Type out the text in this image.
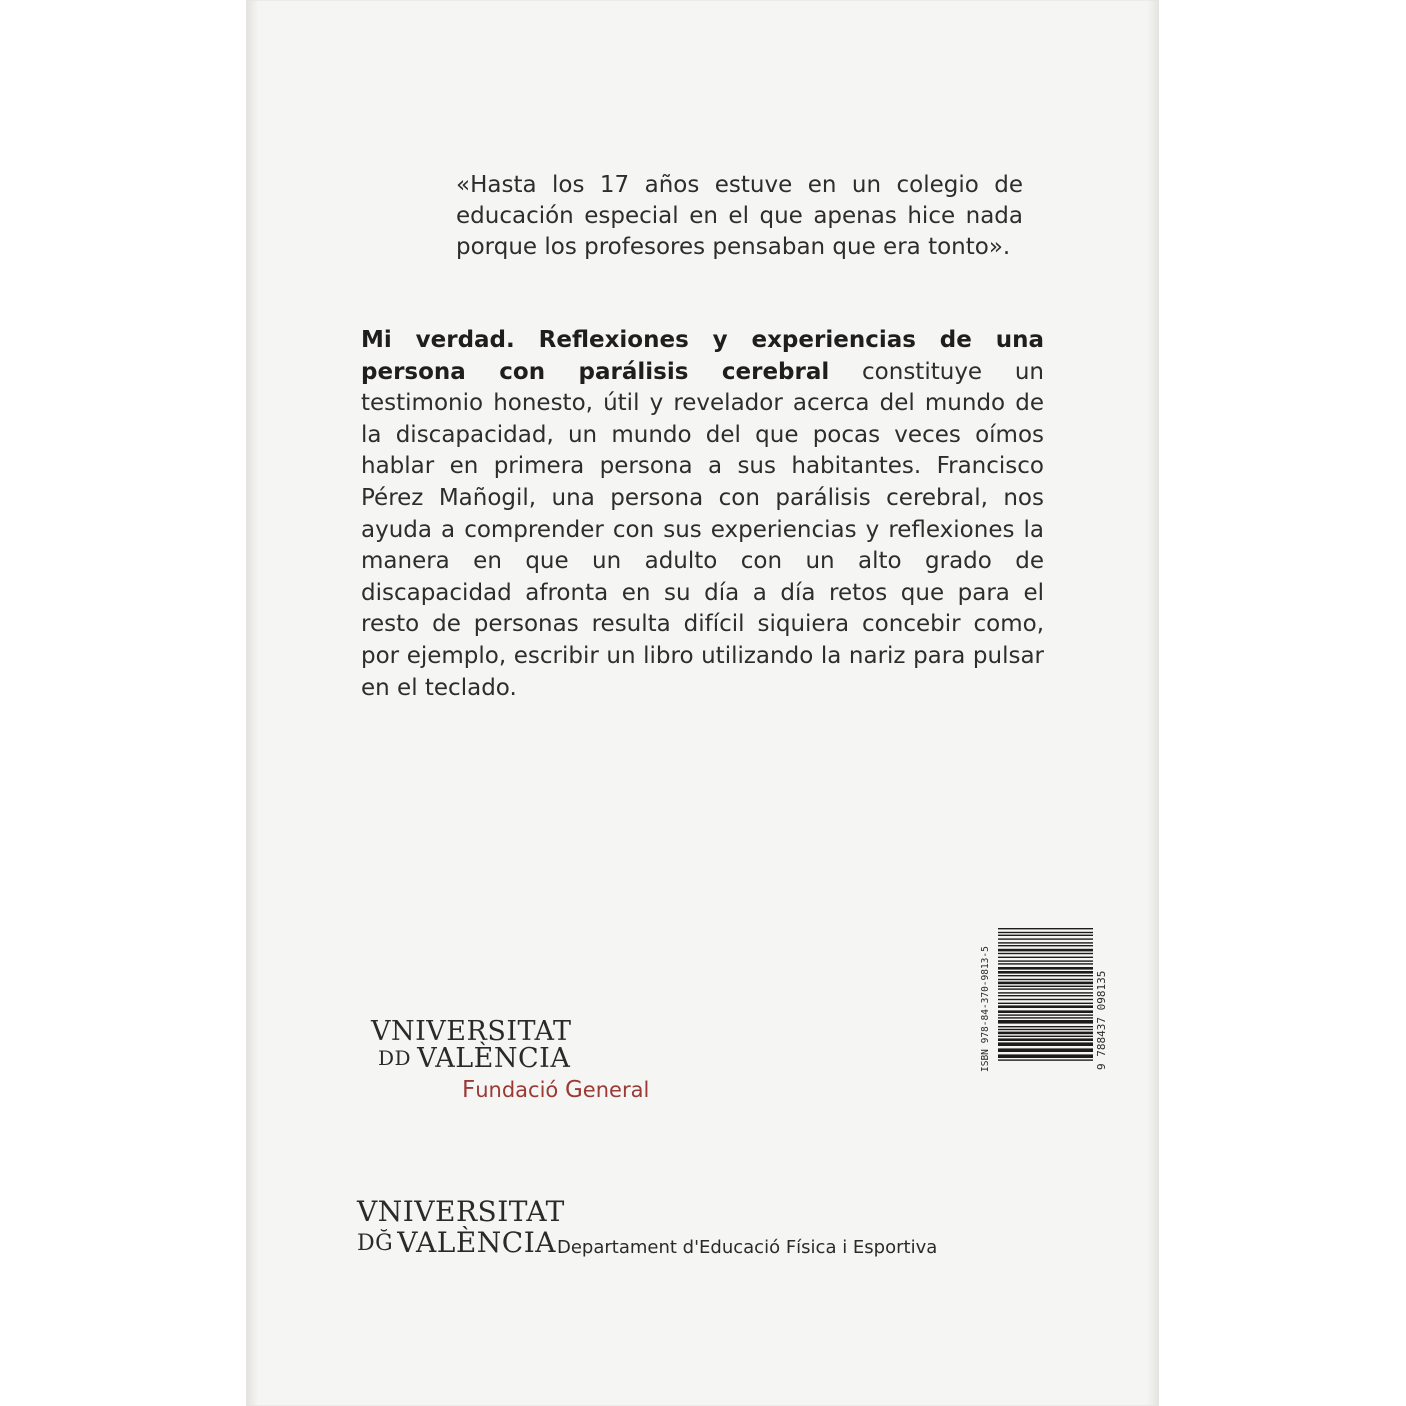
«Hasta los 17 años estuve en un colegio de educación especial en el que apenas hice nada porque los profesores pensaban que era tonto».

Mi verdad. Reflexiones y experiencias de una persona con parálisis cerebral constituye un testimonio honesto, útil y revelador acerca del mundo de la discapacidad, un mundo del que pocas veces oímos hablar en primera persona a sus habitantes. Francisco Pérez Mañogil, una persona con parálisis cerebral, nos ayuda a comprender con sus experiencias y reflexiones la manera en que un adulto con un alto grado de discapacidad afronta en su día a día retos que para el resto de personas resulta difícil siquiera concebir como, por ejemplo, escribir un libro utilizando la nariz para pulsar en el teclado.

ISBN 978-84-370-9813-5	9 788437 098135
VNIVERSITAT
ⅮD VALÈNCIA
Fundació General
VNIVERSITAT
ⅮĞ VALÈNCIA Departament d'Educació Física i Esportiva
